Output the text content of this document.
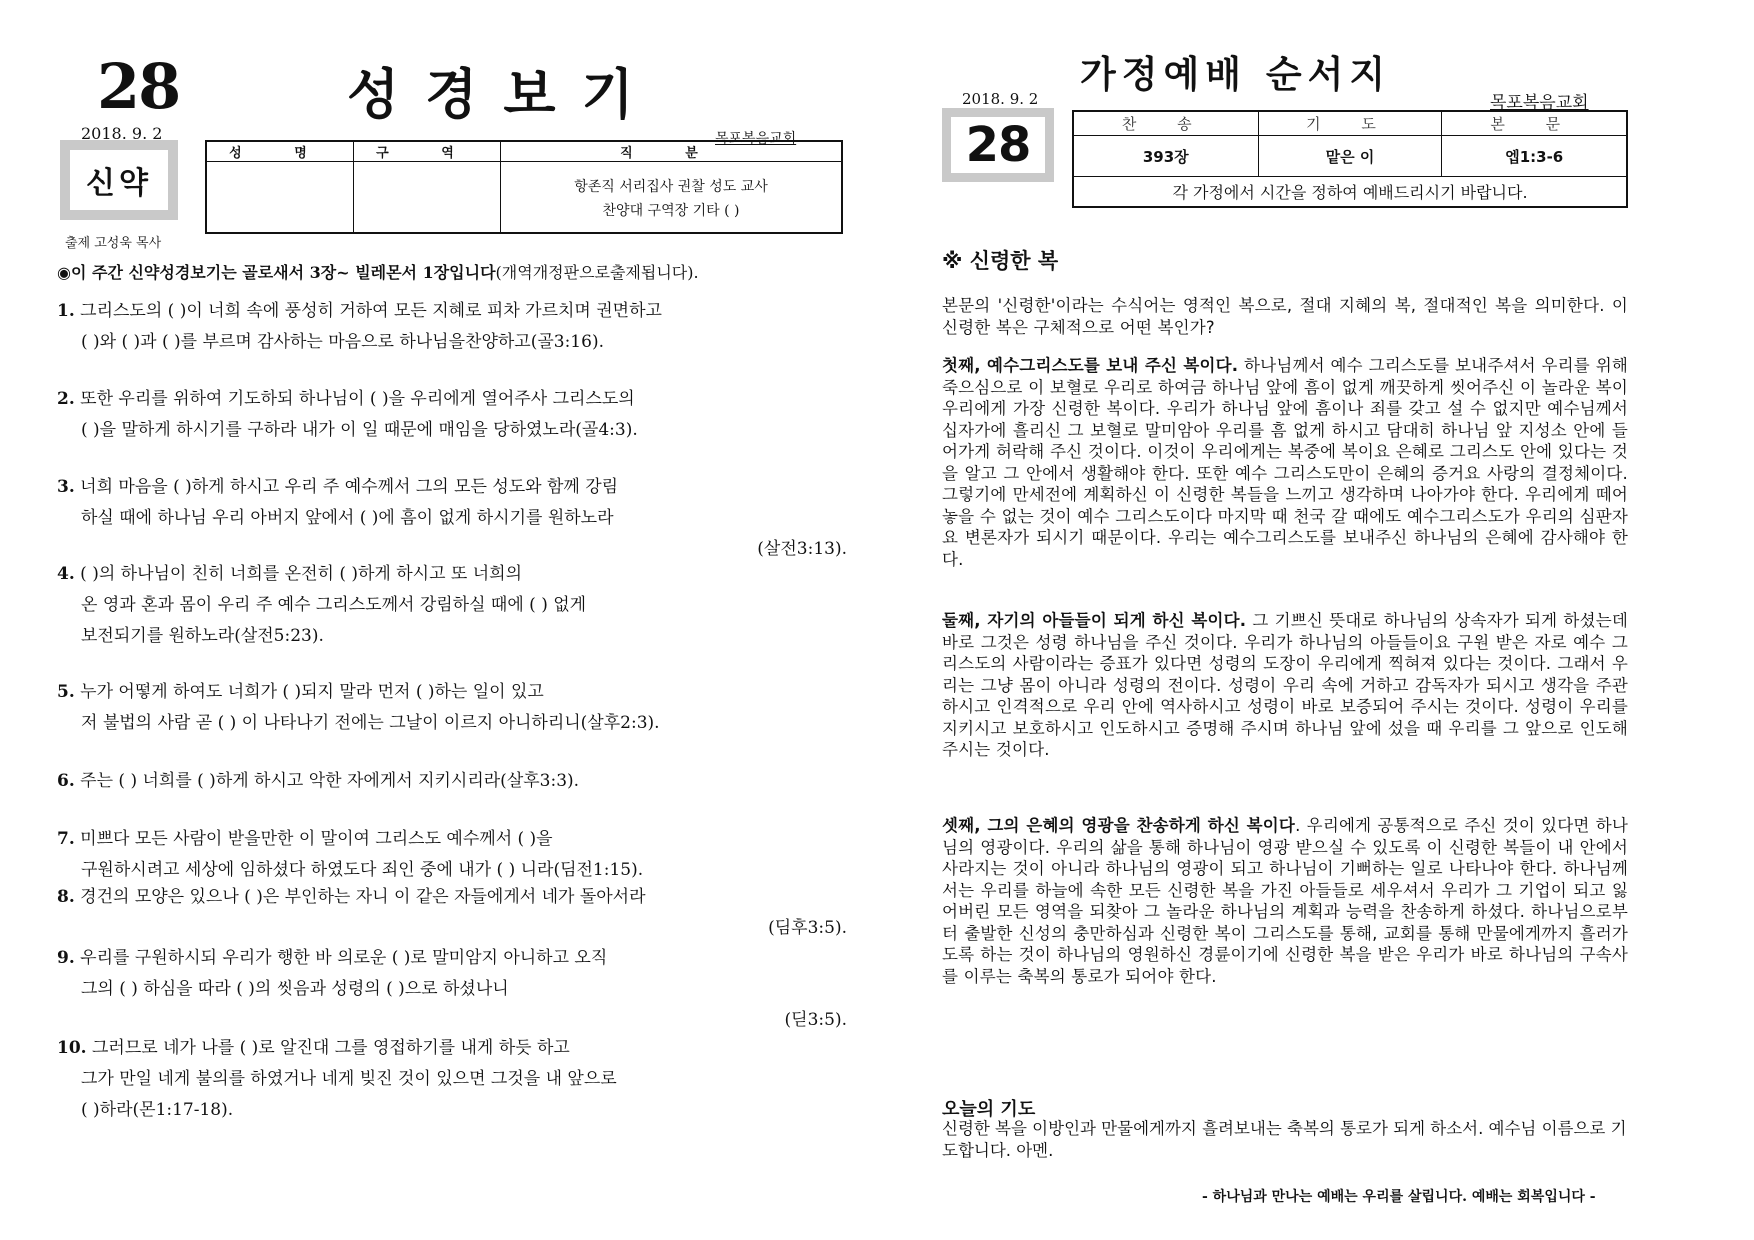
28	성경보기
2018. 9. 2	목포복음교회
신약
출제 고성욱 목사
성 명	구 역	직 분
		항존직 서리집사 권찰 성도 교사
찬양대 구역장 기타 ( )
◉이 주간 신약성경보기는 골로새서 3장~ 빌레몬서 1장입니다(개역개정판으로출제됩니다).
1. 그리스도의 ( )이 너희 속에 풍성히 거하여 모든 지혜로 피차 가르치며 권면하고
( )와 ( )과 ( )를 부르며 감사하는 마음으로 하나님을찬양하고(골3:16).
2. 또한 우리를 위하여 기도하되 하나님이 ( )을 우리에게 열어주사 그리스도의
( )을 말하게 하시기를 구하라 내가 이 일 때문에 매임을 당하였노라(골4:3).
3. 너희 마음을 ( )하게 하시고 우리 주 예수께서 그의 모든 성도와 함께 강림
하실 때에 하나님 우리 아버지 앞에서 ( )에 흠이 없게 하시기를 원하노라
(살전3:13).
4. ( )의 하나님이 친히 너희를 온전히 ( )하게 하시고 또 너희의
온 영과 혼과 몸이 우리 주 예수 그리스도께서 강림하실 때에 ( ) 없게
보전되기를 원하노라(살전5:23).
5. 누가 어떻게 하여도 너희가 ( )되지 말라 먼저 ( )하는 일이 있고
저 불법의 사람 곧 ( ) 이 나타나기 전에는 그날이 이르지 아니하리니(살후2:3).
6. 주는 ( ) 너희를 ( )하게 하시고 악한 자에게서 지키시리라(살후3:3).
7. 미쁘다 모든 사람이 받을만한 이 말이여 그리스도 예수께서 ( )을
구원하시려고 세상에 임하셨다 하였도다 죄인 중에 내가 ( ) 니라(딤전1:15).
8. 경건의 모양은 있으나 ( )은 부인하는 자니 이 같은 자들에게서 네가 돌아서라
(딤후3:5).
9. 우리를 구원하시되 우리가 행한 바 의로운 ( )로 말미암지 아니하고 오직
그의 ( ) 하심을 따라 ( )의 씻음과 성령의 ( )으로 하셨나니
(딛3:5).
10. 그러므로 네가 나를 ( )로 알진대 그를 영접하기를 내게 하듯 하고
그가 만일 네게 불의를 하였거나 네게 빚진 것이 있으면 그것을 내 앞으로
( )하라(몬1:17-18).
가정예배 순서지
2018. 9. 2	목포복음교회
28	찬 송	기 도	본 문
393장	맡은 이	엡1:3-6
각 가정에서 시간을 정하여 예배드리시기 바랍니다.		
※ 신령한 복
본문의 '신령한'이라는 수식어는 영적인 복으로, 절대 지혜의 복, 절대적인 복을 의미한다. 이 신령한 복은 구체적으로 어떤 복인가?
첫째, 예수그리스도를 보내 주신 복이다. 하나님께서 예수 그리스도를 보내주셔서 우리를 위해 죽으심으로 이 보혈로 우리로 하여금 하나님 앞에 흠이 없게 깨끗하게 씻어주신 이 놀라운 복이 우리에게 가장 신령한 복이다. 우리가 하나님 앞에 흠이나 죄를 갖고 설 수 없지만 예수님께서 십자가에 흘리신 그 보혈로 말미암아 우리를 흠 없게 하시고 담대히 하나님 앞 지성소 안에 들어가게 허락해 주신 것이다. 이것이 우리에게는 복중에 복이요 은혜로 그리스도 안에 있다는 것을 알고 그 안에서 생활해야 한다. 또한 예수 그리스도만이 은혜의 증거요 사랑의 결정체이다. 그렇기에 만세전에 계획하신 이 신령한 복들을 느끼고 생각하며 나아가야 한다. 우리에게 떼어놓을 수 없는 것이 예수 그리스도이다 마지막 때 천국 갈 때에도 예수그리스도가 우리의 심판자요 변론자가 되시기 때문이다. 우리는 예수그리스도를 보내주신 하나님의 은혜에 감사해야 한다.
둘째, 자기의 아들들이 되게 하신 복이다. 그 기쁘신 뜻대로 하나님의 상속자가 되게 하셨는데 바로 그것은 성령 하나님을 주신 것이다. 우리가 하나님의 아들들이요 구원 받은 자로 예수 그리스도의 사람이라는 증표가 있다면 성령의 도장이 우리에게 찍혀져 있다는 것이다. 그래서 우리는 그냥 몸이 아니라 성령의 전이다. 성령이 우리 속에 거하고 감독자가 되시고 생각을 주관하시고 인격적으로 우리 안에 역사하시고 성령이 바로 보증되어 주시는 것이다. 성령이 우리를 지키시고 보호하시고 인도하시고 증명해 주시며 하나님 앞에 섰을 때 우리를 그 앞으로 인도해 주시는 것이다.
셋째, 그의 은혜의 영광을 찬송하게 하신 복이다. 우리에게 공통적으로 주신 것이 있다면 하나님의 영광이다. 우리의 삶을 통해 하나님이 영광 받으실 수 있도록 이 신령한 복들이 내 안에서 사라지는 것이 아니라 하나님의 영광이 되고 하나님이 기뻐하는 일로 나타나야 한다. 하나님께서는 우리를 하늘에 속한 모든 신령한 복을 가진 아들들로 세우셔서 우리가 그 기업이 되고 잃어버린 모든 영역을 되찾아 그 놀라운 하나님의 계획과 능력을 찬송하게 하셨다. 하나님으로부터 출발한 신성의 충만하심과 신령한 복이 그리스도를 통해, 교회를 통해 만물에게까지 흘러가도록 하는 것이 하나님의 영원하신 경륜이기에 신령한 복을 받은 우리가 바로 하나님의 구속사를 이루는 축복의 통로가 되어야 한다.
오늘의 기도
신령한 복을 이방인과 만물에게까지 흘려보내는 축복의 통로가 되게 하소서. 예수님 이름으로 기도합니다. 아멘.
- 하나님과 만나는 예배는 우리를 살립니다. 예배는 회복입니다 -
